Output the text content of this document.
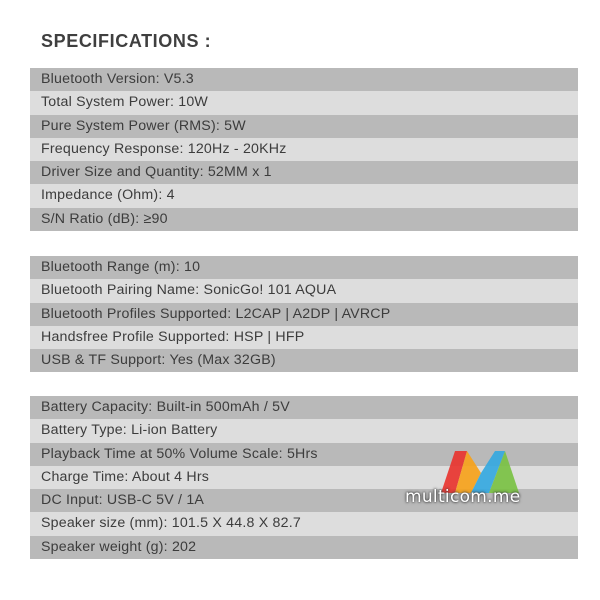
SPECIFICATIONS :
Bluetooth Version: V5.3
Total System Power: 10W
Pure System Power (RMS): 5W
Frequency Response: 120Hz - 20KHz
Driver Size and Quantity: 52MM x 1
Impedance (Ohm): 4
S/N Ratio (dB): ≥90
Bluetooth Range (m): 10
Bluetooth Pairing Name: SonicGo! 101 AQUA
Bluetooth Profiles Supported: L2CAP | A2DP | AVRCP
Handsfree Profile Supported: HSP | HFP
USB & TF Support: Yes (Max 32GB)
Battery Capacity: Built-in 500mAh / 5V
Battery Type: Li-ion Battery
Playback Time at 50% Volume Scale: 5Hrs
Charge Time: About 4 Hrs
DC Input: USB-C 5V / 1A
Speaker size (mm): 101.5 X 44.8 X 82.7
Speaker weight (g): 202
multicom.me
